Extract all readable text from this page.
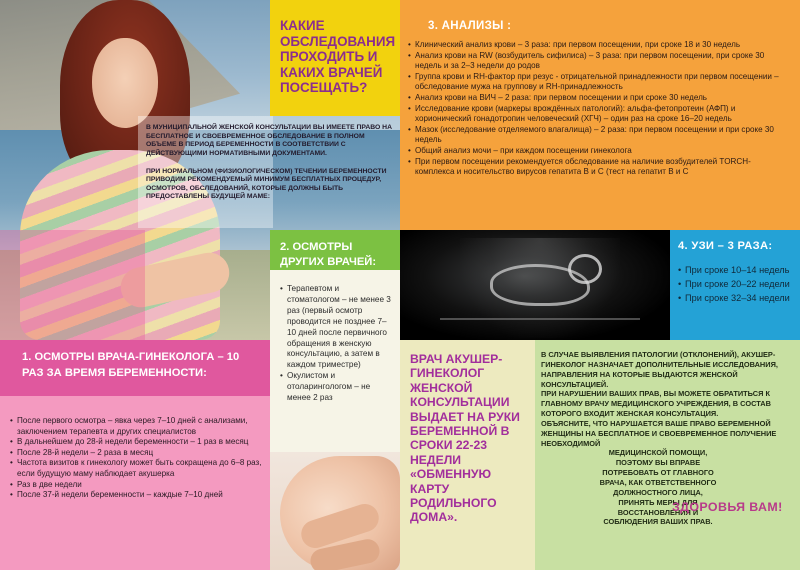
В МУНИЦИПАЛЬНОЙ ЖЕНСКОЙ КОНСУЛЬТАЦИИ ВЫ ИМЕЕТЕ ПРАВО НА БЕСПЛАТНОЕ И СВОЕВРЕМЕННОЕ ОБСЛЕДОВАНИЕ В ПОЛНОМ ОБЪЕМЕ В ПЕРИОД БЕРЕМЕННОСТИ В СООТВЕТСТВИИ С ДЕЙСТВУЮЩИМИ НОРМАТИВНЫМИ ДОКУМЕНТАМИ.

ПРИ НОРМАЛЬНОМ (ФИЗИОЛОГИЧЕСКОМ) ТЕЧЕНИИ БЕРЕМЕННОСТИ ПРИВОДИМ РЕКОМЕНДУЕМЫЙ МИНИМУМ БЕСПЛАТНЫХ ПРОЦЕДУР, ОСМОТРОВ, ОБСЛЕДОВАНИЙ, КОТОРЫЕ ДОЛЖНЫ БЫТЬ ПРЕДОСТАВЛЕНЫ БУДУЩЕЙ МАМЕ:

КАКИЕ ОБСЛЕДОВАНИЯ ПРОХОДИТЬ И КАКИХ ВРАЧЕЙ ПОСЕЩАТЬ?
3. АНАЛИЗЫ :
• Клинический анализ крови – 3 раза: при первом посещении, при сроке 18 и 30 недель
• Анализ крови на RW (возбудитель сифилиса) – 3 раза: при первом посещении, при сроке 30 недель и за 2–3 недели до родов
• Группа крови и RH-фактор при резус - отрицательной принадлежности при первом посещении – обследование мужа на группову и RH-принадлежность
• Анализ крови на ВИЧ – 2 раза: при первом посещении и при сроке 30 недель
• Исследование крови (маркеры врождённых патологий): альфа-фетопротеин (АФП) и хорионический гонадотропин человеческий (ХГЧ) – один раз на сроке 16–20 недель
• Мазок (исследование отделяемого влагалища) – 2 раза: при первом посещении и при сроке 30 недель
• Общий анализ мочи – при каждом посещении гинеколога
• При первом посещении рекомендуется обследование на наличие возбудителей TORCH-комплекса и носительство вирусов гепатита В и С (тест на гепатит В и С
2. ОСМОТРЫ ДРУГИХ ВРАЧЕЙ:
4. УЗИ – 3 РАЗА:
• При сроке 10–14 недель
• При сроке 20–22 недели
• При сроке 32–34 недели
• Терапевтом и стоматологом – не менее 3 раз (первый осмотр проводится не позднее 7–10 дней после первичного обращения в женскую консультацию, а затем в каждом триместре)
• Окулистом и отоларингологом – не менее 2 раз
1. ОСМОТРЫ ВРАЧА-ГИНЕКОЛОГА – 10 РАЗ ЗА ВРЕМЯ БЕРЕМЕННОСТИ:
• После первого осмотра – явка через 7–10 дней с анализами, заключением терапевта и других специалистов
• В дальнейшем до 28-й недели беременности – 1 раз в месяц
• После 28-й недели – 2 раза в месяц
• Частота визитов к гинекологу может быть сокращена до 6–8 раз, если будущую маму наблюдает акушерка
• Раз в две недели
• После 37-й недели беременности – каждые 7–10 дней
ВРАЧ АКУШЕР-ГИНЕКОЛОГ ЖЕНСКОЙ КОНСУЛЬТАЦИИ ВЫДАЕТ НА РУКИ БЕРЕМЕННОЙ В СРОКИ 22-23 НЕДЕЛИ «ОБМЕННУЮ КАРТУ РОДИЛЬНОГО ДОМА».
В СЛУЧАЕ ВЫЯВЛЕНИЯ ПАТОЛОГИИ (ОТКЛОНЕНИЙ), АКУШЕР-ГИНЕКОЛОГ НАЗНАЧАЕТ ДОПОЛНИТЕЛЬНЫЕ ИССЛЕДОВАНИЯ, НАПРАВЛЕНИЯ НА КОТОРЫЕ ВЫДАЮТСЯ ЖЕНСКОЙ КОНСУЛЬТАЦИЕЙ.
ПРИ НАРУШЕНИИ ВАШИХ ПРАВ, ВЫ МОЖЕТЕ ОБРАТИТЬСЯ К ГЛАВНОМУ ВРАЧУ МЕДИЦИНСКОГО УЧРЕЖДЕНИЯ, В СОСТАВ КОТОРОГО ВХОДИТ ЖЕНСКАЯ КОНСУЛЬТАЦИЯ.
ОБЪЯСНИТЕ, ЧТО НАРУШАЕТСЯ ВАШЕ ПРАВО БЕРЕМЕННОЙ ЖЕНЩИНЫ НА БЕСПЛАТНОЕ И СВОЕВРЕМЕННОЕ ПОЛУЧЕНИЕ НЕОБХОДИМОЙ
МЕДИЦИНСКОЙ ПОМОЩИ, ПОЭТОМУ ВЫ ВПРАВЕ ПОТРЕБОВАТЬ ОТ ГЛАВНОГО ВРАЧА, КАК ОТВЕТСТВЕННОГО ДОЛЖНОСТНОГО ЛИЦА, ПРИНЯТЬ МЕРЫ ДЛЯ ВОССТАНОВЛЕНИЯ И СОБЛЮДЕНИЯ ВАШИХ ПРАВ.
ЗДОРОВЬЯ ВАМ!
